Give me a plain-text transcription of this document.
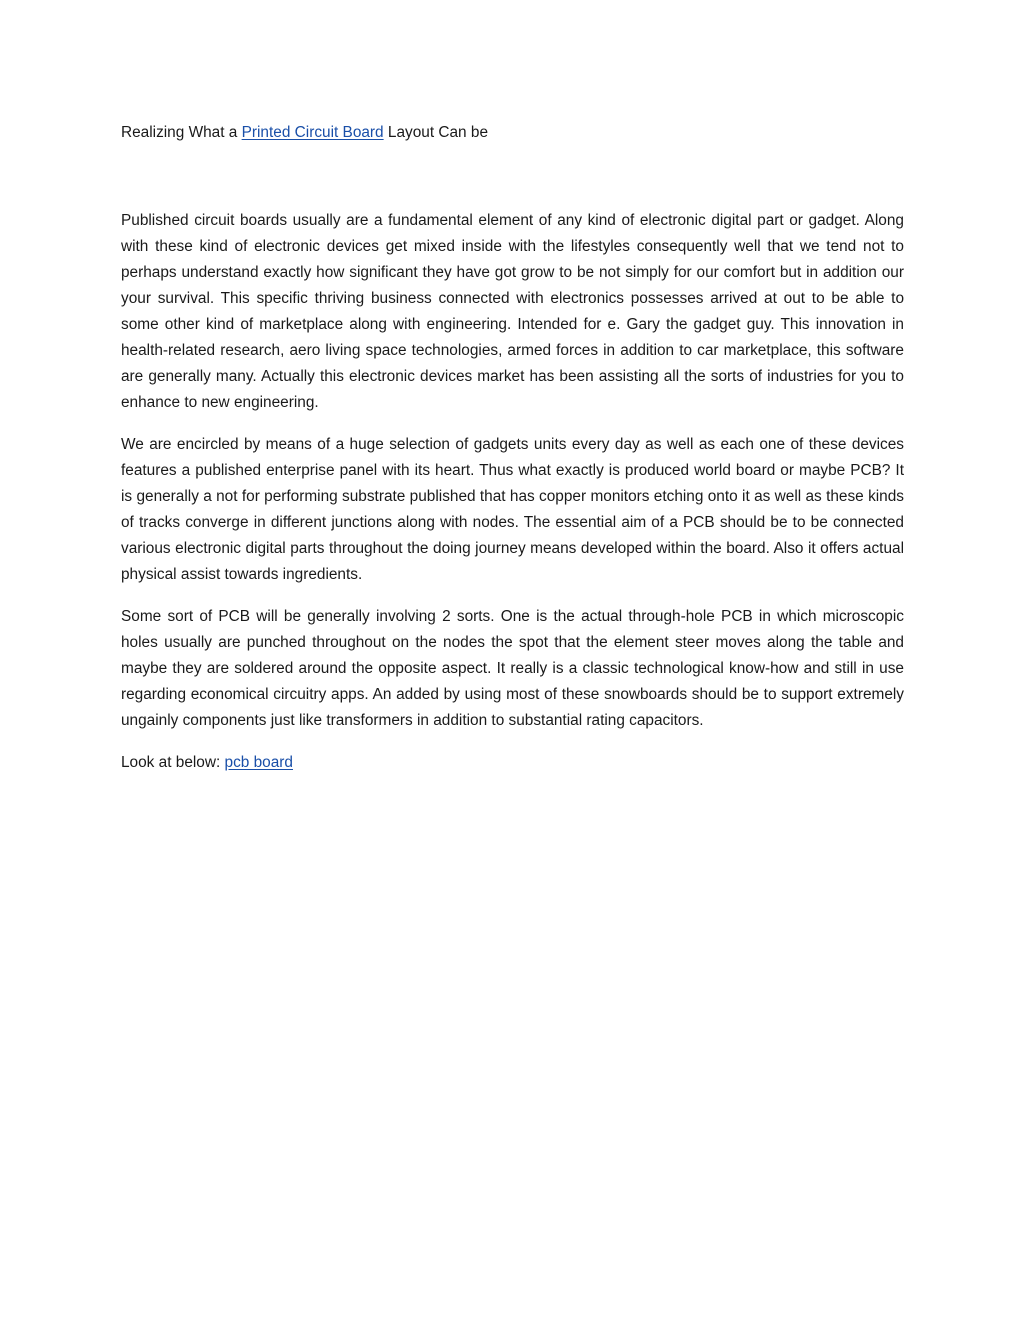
Realizing What a Printed Circuit Board Layout Can be

Published circuit boards usually are a fundamental element of any kind of electronic digital part or gadget. Along with these kind of electronic devices get mixed inside with the lifestyles consequently well that we tend not to perhaps understand exactly how significant they have got grow to be not simply for our comfort but in addition our your survival. This specific thriving business connected with electronics possesses arrived at out to be able to some other kind of marketplace along with engineering. Intended for e. Gary the gadget guy. This innovation in health-related research, aero living space technologies, armed forces in addition to car marketplace, this software are generally many. Actually this electronic devices market has been assisting all the sorts of industries for you to enhance to new engineering.

We are encircled by means of a huge selection of gadgets units every day as well as each one of these devices features a published enterprise panel with its heart. Thus what exactly is produced world board or maybe PCB? It is generally a not for performing substrate published that has copper monitors etching onto it as well as these kinds of tracks converge in different junctions along with nodes. The essential aim of a PCB should be to be connected various electronic digital parts throughout the doing journey means developed within the board. Also it offers actual physical assist towards ingredients.

Some sort of PCB will be generally involving 2 sorts. One is the actual through-hole PCB in which microscopic holes usually are punched throughout on the nodes the spot that the element steer moves along the table and maybe they are soldered around the opposite aspect. It really is a classic technological know-how and still in use regarding economical circuitry apps. An added by using most of these snowboards should be to support extremely ungainly components just like transformers in addition to substantial rating capacitors.

Look at below: pcb board
